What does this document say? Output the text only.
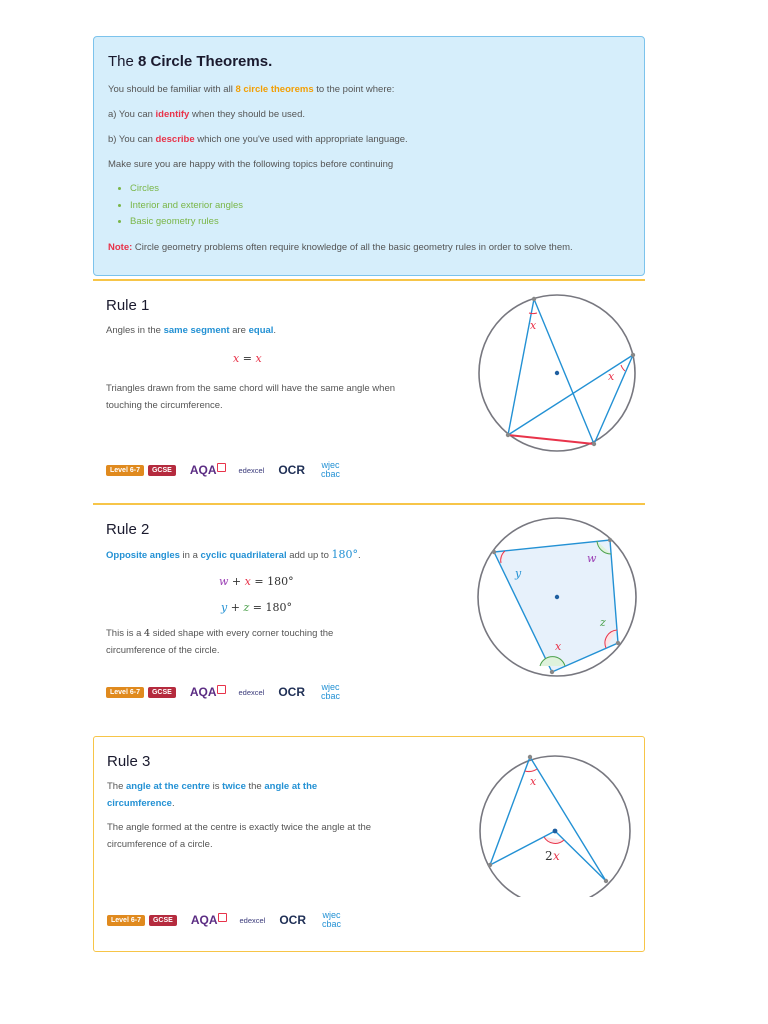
The 8 Circle Theorems.

You should be familiar with all 8 circle theorems to the point where:

a) You can identify when they should be used.

b) You can describe which one you've used with appropriate language.

Make sure you are happy with the following topics before continuing

• Circles
• Interior and exterior angles
• Basic geometry rules

Note: Circle geometry problems often require knowledge of all the basic geometry rules in order to solve them.

Rule 1
Angles in the same segment are equal.
x = x
Triangles drawn from the same chord will have the same angle when touching the circumference.
Level 6-7	GCSE	AQA	edexcel OCR wjec
cbac
x
x
Rule 2
Opposite angles in a cyclic quadrilateral add up to 180°.
w + x = 180°
y + z = 180°
This is a 4 sided shape with every corner touching the circumference of the circle.
Level 6-7	GCSE	AQA	edexcel OCR wjec
cbac
y
w
z
x
Rule 3
The angle at the centre is twice the angle at the circumference.
The angle formed at the centre is exactly twice the angle at the circumference of a circle.
Level 6-7	GCSE	AQA	edexcel OCR wjec
cbac
x
2 x
